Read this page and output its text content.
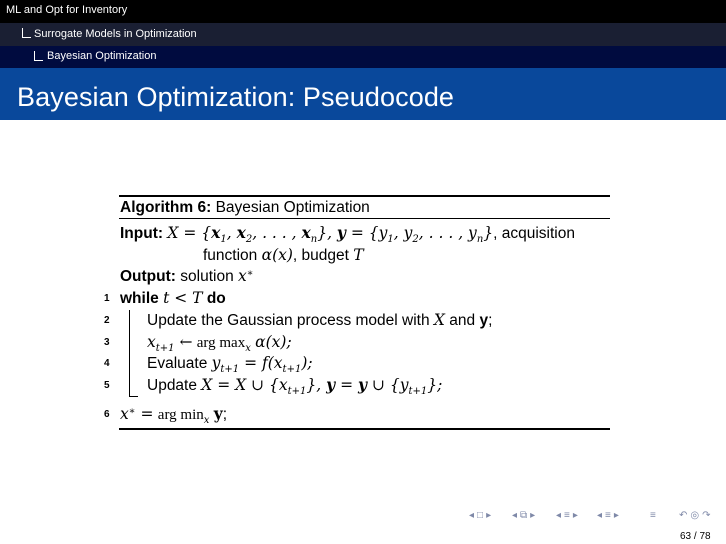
ML and Opt for Inventory
Surrogate Models in Optimization
Bayesian Optimization
Bayesian Optimization: Pseudocode
Algorithm 6: Bayesian Optimization
Input: $X = \{x_1$, $x_2$, . . . , $x_n$}, $y = \{y_1$, $y_2$, . . . , $y_n$}, acquisition
function α(x), budget T
Output: solution x∗
1 while t < T do
2 Update the Gaussian process model with X and y;
3 $x_{t+1}$ ← arg $\max_x \alpha(x)$;
4 Evaluate $y_{t+1} = f(x_{t+1})$;
5 Update X = X ∪ $\{x_{t+1}\}$, y = y ∪ $\{y_{t+1}\}$;
6 x∗ = arg $\min_x y$;
◂ □ ▸ ◂ ⧉ ▸ ◂ ≡ ▸ ◂ ≡ ▸	≡ ↶ ◎ ↷
63 / 78
